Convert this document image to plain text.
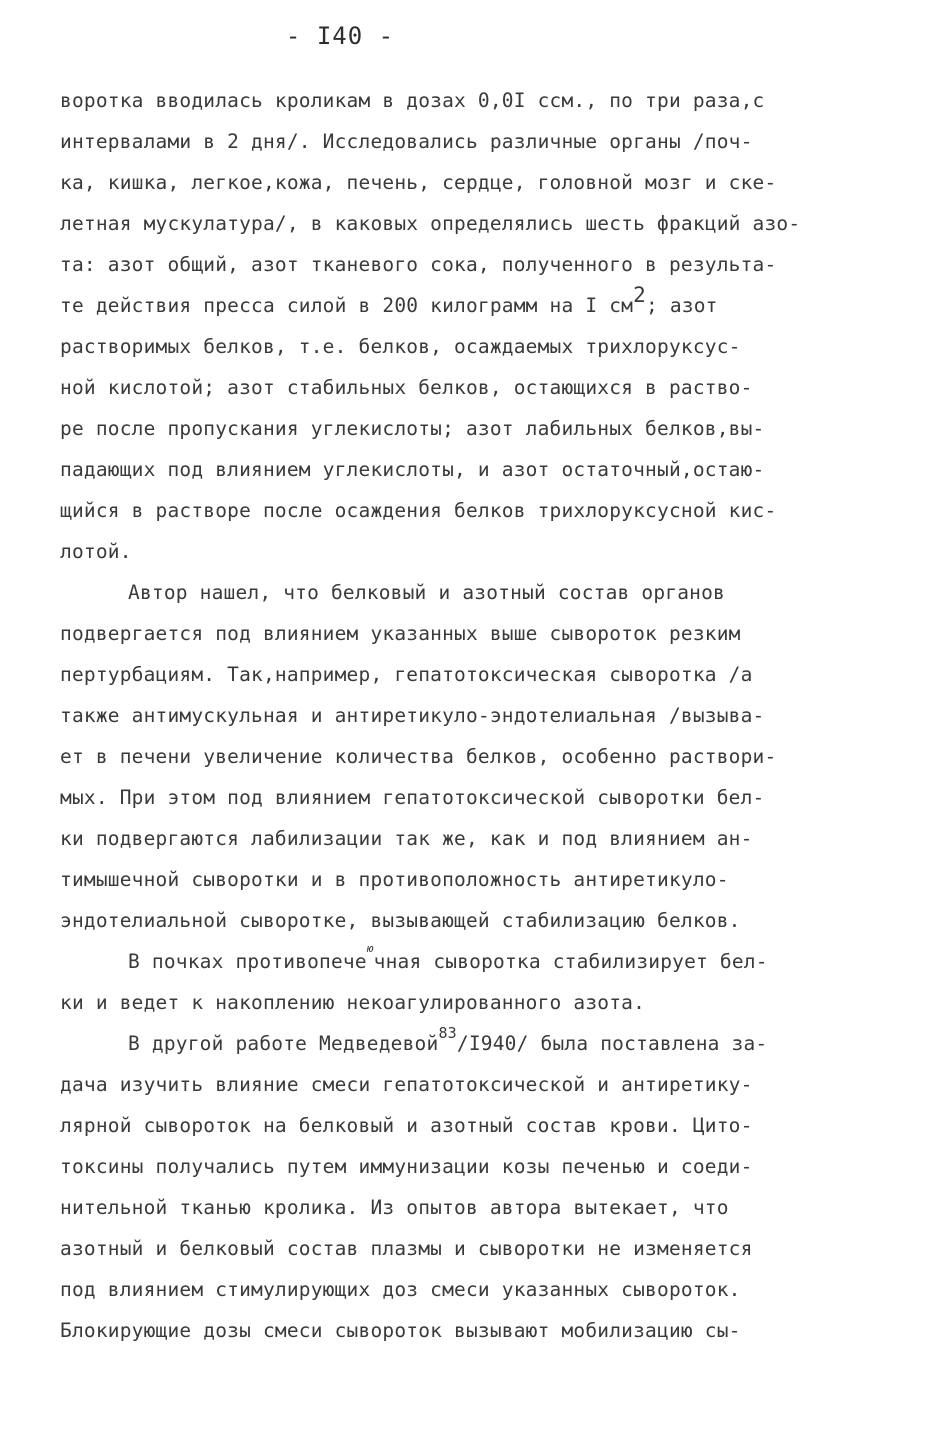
- I40 -
воротка вводилась кроликам в дозах 0,0I ccм., по три раза,с
интервалами в 2 дня/. Исследовались различные органы /поч-
ка, кишка, легкое,кожа, печень, сердце, головной мозг и ске-
летная мускулатура/, в каковых определялись шесть фракций азо-
та: азот общий, азот тканевого сока, полученного в результа-
те действия пресса силой в 200 килограмм на I см2; азот
растворимых белков, т.е. белков, осаждаемых трихлоруксус-
ной кислотой; азот стабильных белков, остающихся в раство-
ре после пропускания углекислоты; азот лабильных белков,вы-
падающих под влиянием углекислоты, и азот остаточный,остаю-
щийся в растворе после осаждения белков трихлоруксусной кис-
лотой.
Автор нашел, что белковый и азотный состав органов
подвергается под влиянием указанных выше сывороток резким
пертурбациям. Так,например, гепатотоксическая сыворотка /а
также антимускульная и антиретикуло-эндотелиальная /вызыва-
ет в печени увеличение количества белков, особенно раствори-
мых. При этом под влиянием гепатотоксической сыворотки бел-
ки подвергаются лабилизации так же, как и под влиянием ан-
тимышечной сыворотки и в противоположность антиретикуло-
эндотелиальной сыворотке, вызывающей стабилизацию белков.
В почках противопече$^ю$чная сыворотка стабилизирует бел-
ки и ведет к накоплению некоагулированного азота.
В другой работе Медведевой$^{83}$/I940/ была поставлена за-
дача изучить влияние смеси гепатотоксической и антиретику-
лярной сывороток на белковый и азотный состав крови. Цито-
токсины получались путем иммунизации козы печенью и соеди-
нительной тканью кролика. Из опытов автора вытекает, что
азотный и белковый состав плазмы и сыворотки не изменяется
под влиянием стимулирующих доз смеси указанных сывороток.
Блокирующие дозы смеси сывороток вызывают мобилизацию сы-
